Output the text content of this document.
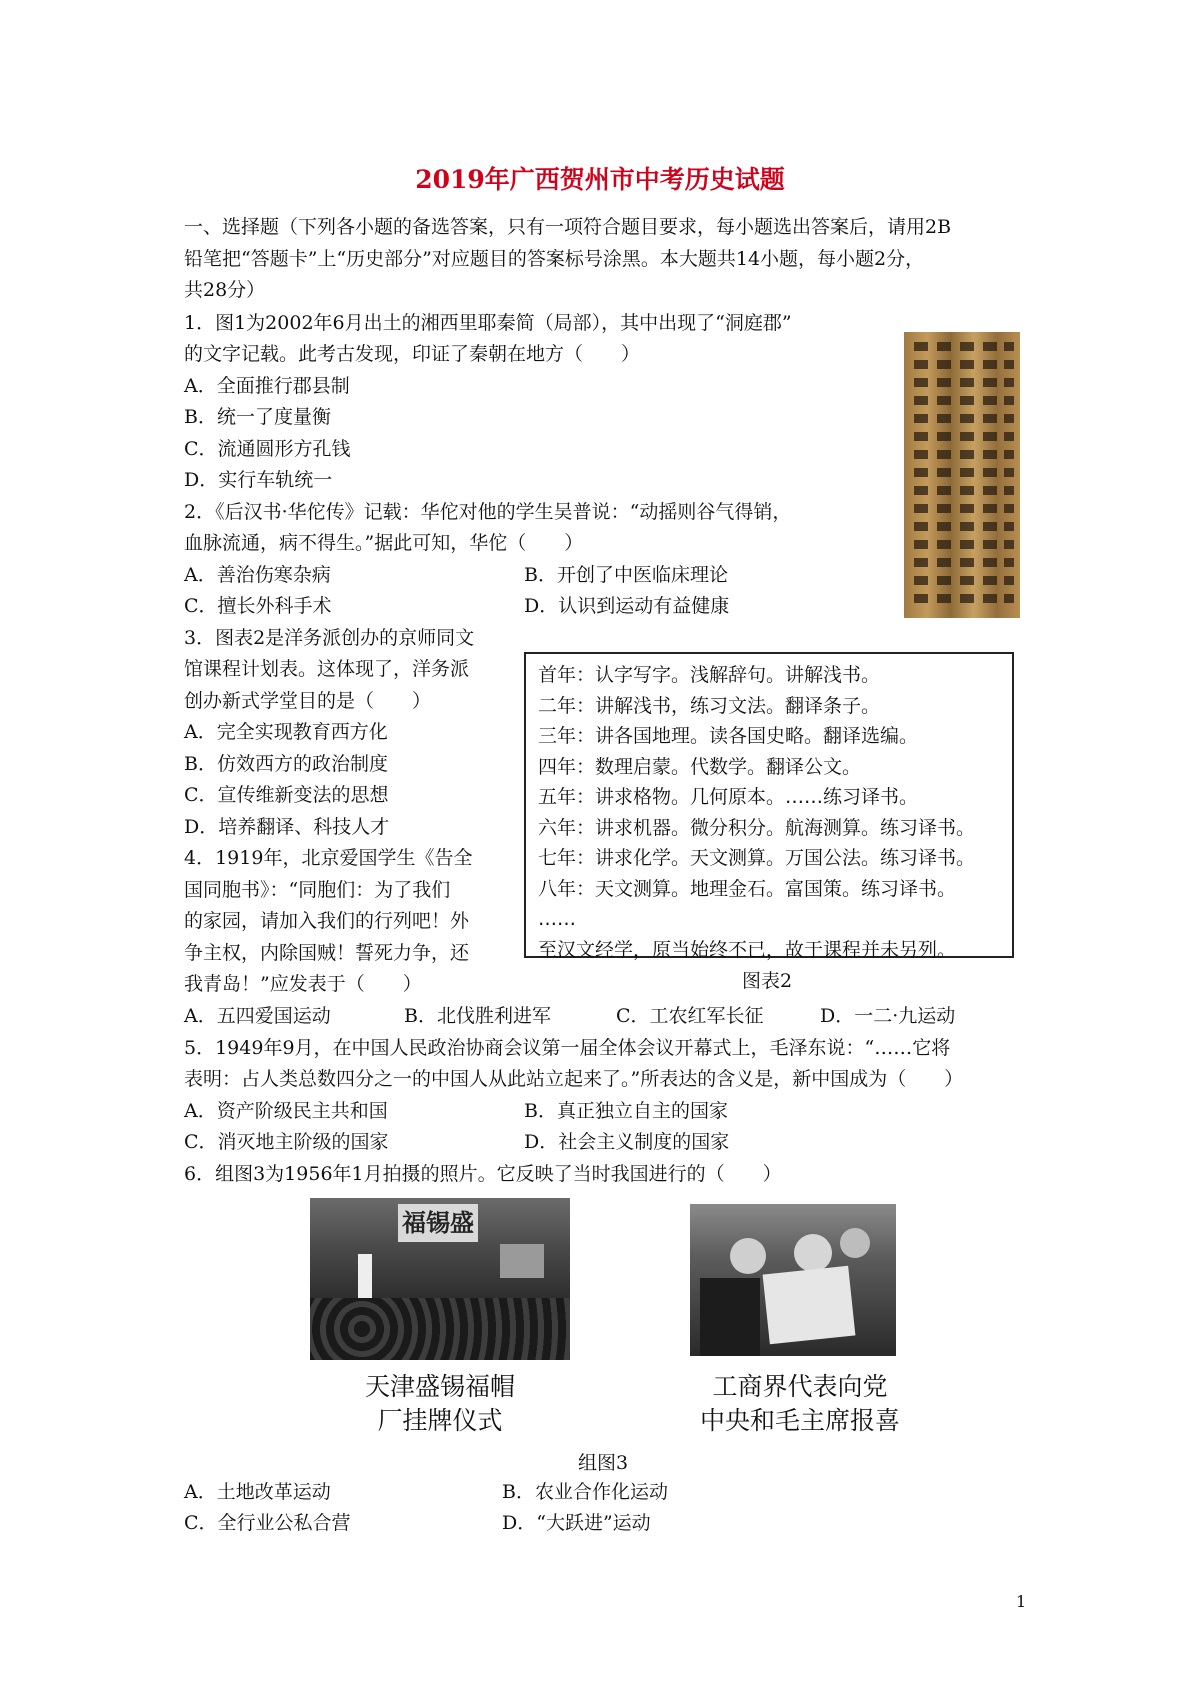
2019年广西贺州市中考历史试题

一、选择题（下列各小题的备选答案，只有一项符合题目要求，每小题选出答案后，请用2B

铅笔把“答题卡”上“历史部分”对应题目的答案标号涂黑。本大题共14小题，每小题2分，

共28分）

1．图1为2002年6月出土的湘西里耶秦简（局部），其中出现了“洞庭郡”

的文字记载。此考古发现，印证了秦朝在地方（　　）

A．全面推行郡县制

B．统一了度量衡

C．流通圆形方孔钱

D．实行车轨统一

2．《后汉书·华佗传》记载：华佗对他的学生吴普说：“动摇则谷气得销，

血脉流通，病不得生。”据此可知，华佗（　　）

A．善治伤寒杂病	B．开创了中医临床理论
C．擅长外科手术	D．认识到运动有益健康

3．图表2是洋务派创办的京师同文

馆课程计划表。这体现了，洋务派

创办新式学堂目的是（　　）

A．完全实现教育西方化

B．仿效西方的政治制度

C．宣传维新变法的思想

D．培养翻译、科技人才

首年：认字写字。浅解辞句。讲解浅书。
二年：讲解浅书，练习文法。翻译条子。
三年：讲各国地理。读各国史略。翻译选编。
四年：数理启蒙。代数学。翻译公文。
五年：讲求格物。几何原本。……练习译书。
六年：讲求机器。微分积分。航海测算。练习译书。
七年：讲求化学。天文测算。万国公法。练习译书。
八年：天文测算。地理金石。富国策。练习译书。
……
至汉文经学，原当始终不已，故于课程并未另列。
图表2

4．1919年，北京爱国学生《告全

国同胞书》：“同胞们：为了我们

的家园，请加入我们的行列吧！外

争主权，内除国贼！誓死力争，还

我青岛！”应发表于（　　）

A．五四爱国运动	B．北伐胜利进军	C．工农红军长征	D．一二·九运动

5．1949年9月，在中国人民政治协商会议第一届全体会议开幕式上，毛泽东说：“……它将

表明：占人类总数四分之一的中国人从此站立起来了。”所表达的含义是，新中国成为（　　）

A．资产阶级民主共和国	B．真正独立自主的国家
C．消灭地主阶级的国家	D．社会主义制度的国家

6．组图3为1956年1月拍摄的照片。它反映了当时我国进行的（　　）

福锡盛
天津盛锡福帽
厂挂牌仪式
工商界代表向党
中央和毛主席报喜
组图3
A．土地改革运动	B．农业合作化运动
C．全行业公私合营	D．“大跃进”运动
1
